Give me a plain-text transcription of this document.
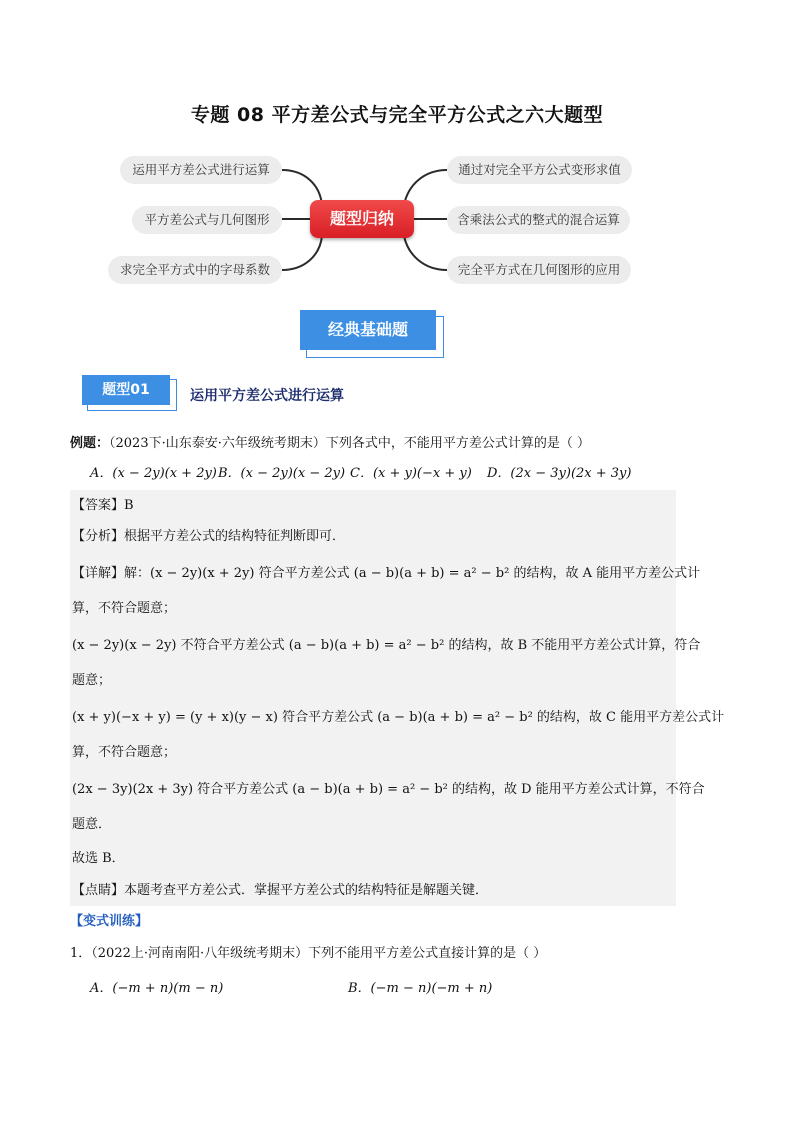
专题 08 平方差公式与完全平方公式之六大题型
运用平方差公式进行运算
平方差公式与几何图形
求完全平方式中的字母系数
通过对完全平方公式变形求值
含乘法公式的整式的混合运算
完全平方式在几何图形的应用
题型归纳
经典基础题
题型01	运用平方差公式进行运算
例题：（2023下·山东泰安·六年级统考期末）下列各式中，不能用平方差公式计算的是（ ）
A．(x − 2y)(x + 2y) B．(x − 2y)(x − 2y) C．(x + y)(−x + y) D．(2x − 3y)(2x + 3y)
【答案】B
【分析】根据平方差公式的结构特征判断即可．
【详解】解：(x − 2y)(x + 2y) 符合平方差公式 (a − b)(a + b) = a² − b² 的结构，故 A 能用平方差公式计
算，不符合题意；
(x − 2y)(x − 2y) 不符合平方差公式 (a − b)(a + b) = a² − b² 的结构，故 B 不能用平方差公式计算，符合
题意；
(x + y)(−x + y) = (y + x)(y − x) 符合平方差公式 (a − b)(a + b) = a² − b² 的结构，故 C 能用平方差公式计
算，不符合题意；
(2x − 3y)(2x + 3y) 符合平方差公式 (a − b)(a + b) = a² − b² 的结构，故 D 能用平方差公式计算，不符合
题意．
故选 B．
【点睛】本题考查平方差公式．掌握平方差公式的结构特征是解题关键．
【变式训练】
1．（2022上·河南南阳·八年级统考期末）下列不能用平方差公式直接计算的是（ ）
A．(−m + n)(m − n)	B．(−m − n)(−m + n)
